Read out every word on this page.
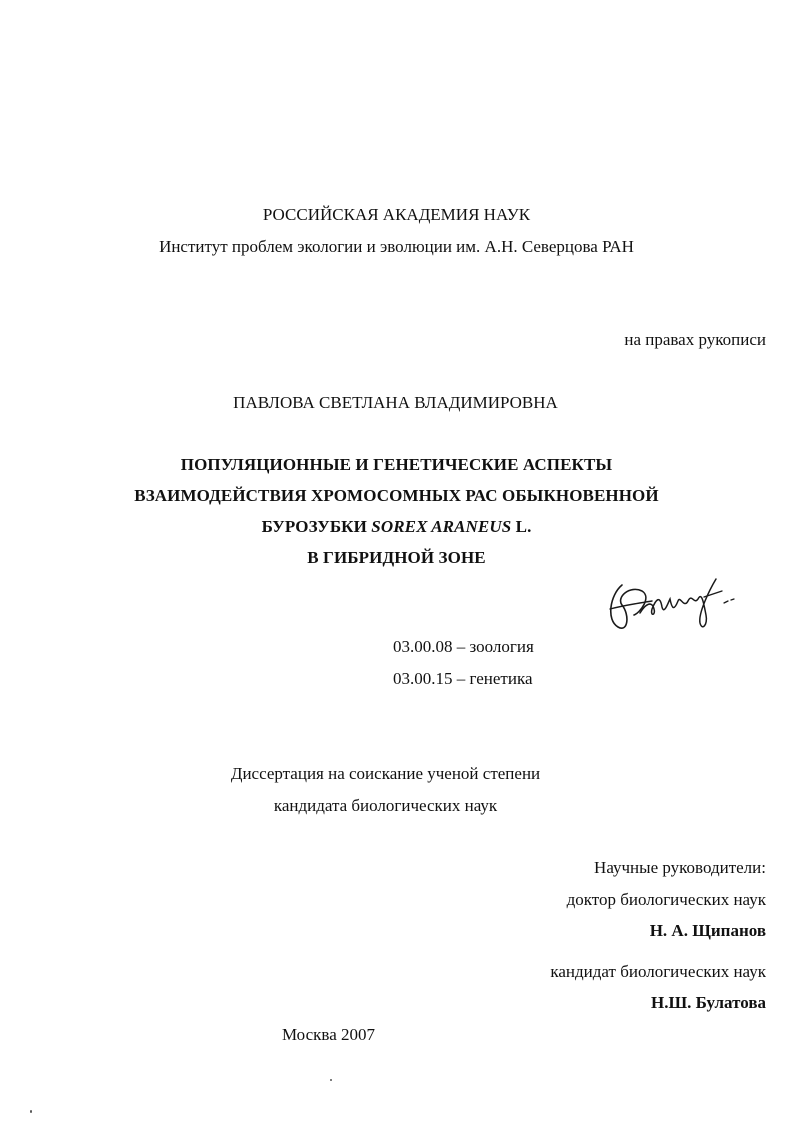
РОССИЙСКАЯ АКАДЕМИЯ НАУК
Институт проблем экологии и эволюции им. А.Н. Северцова РАН
на правах рукописи
ПАВЛОВА СВЕТЛАНА ВЛАДИМИРОВНА
ПОПУЛЯЦИОННЫЕ И ГЕНЕТИЧЕСКИЕ АСПЕКТЫ
ВЗАИМОДЕЙСТВИЯ ХРОМОСОМНЫХ РАС ОБЫКНОВЕННОЙ
БУРОЗУБКИ SOREX ARANEUS L.
В ГИБРИДНОЙ ЗОНЕ
03.00.08 – зоология
03.00.15 – генетика
Диссертация на соискание ученой степени
кандидата биологических наук
Научные руководители:
доктор биологических наук
Н. А. Щипанов
кандидат биологических наук
Н.Ш. Булатова
Москва 2007
